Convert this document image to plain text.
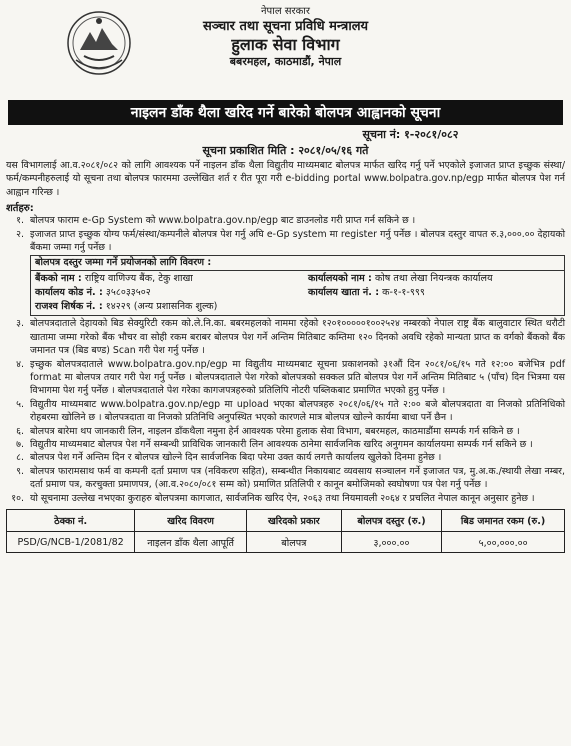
नेपाल सरकार
सञ्चार तथा सूचना प्रविधि मन्त्रालय
हुलाक सेवा विभाग
बबरमहल, काठमाडौं, नेपाल
नाइलन डाँक थैला खरिद गर्ने बारेको बोलपत्र आह्वानको सूचना
सूचना नं: १-२०८१/०८२
सूचना प्रकाशित मिति : २०८१/०५/१६ गते

यस विभागलाई आ.व.२०८१/०८२ को लागि आवश्यक पर्ने नाइलन डाँक थैला विद्युतीय माध्यमबाट बोलपत्र मार्फत खरिद गर्नु पर्ने भएकोले इजाजत प्राप्त इच्छुक संस्था/फर्म/कम्पनीहरुलाई यो सूचना तथा बोलपत्र फारममा उल्लेखित शर्त र रीत पूरा गरी e-bidding portal www.bolpatra.gov.np/egp मार्फत बोलपत्र पेश गर्न आह्वान गरिन्छ ।

शर्तहरु:
१. बोलपत्र फाराम e-Gp System को www.bolpatra.gov.np/egp बाट डाउनलोड गरी प्राप्त गर्न सकिने छ ।
२. इजाजत प्राप्त इच्छुक योग्य फर्म/संस्था/कम्पनीले बोलपत्र पेश गर्नु अघि e-Gp system मा register गर्नु पर्नेछ । बोलपत्र दस्तुर वापत रु.३,०००.०० देहायको बैंकमा जम्मा गर्नु पर्नेछ ।
बोलपत्र दस्तुर जम्मा गर्ने प्रयोजनको लागि विवरण :
बैंकको नाम : राष्ट्रिय वाणिज्य बैंक, टेकु शाखा	कार्यालयको नाम : कोष तथा लेखा नियन्त्रक कार्यालय
कार्यालय कोड नं. : ३५८०३३५०२	कार्यालय खाता नं. : क-१-१-९९९
राजश्व शिर्षक नं. : १४२२९ (अन्य प्रशासनिक शुल्क)
३. बोलपत्रदाताले देहायको बिड सेक्युरिटी रकम को.ले.नि.का. बबरमहलको नाममा रहेको १२०१०००००१००२५२४ नम्बरको नेपाल राष्ट्र बैंक बालुवाटार स्थित धरौटी खातामा जम्मा गरेको बैंक भौचर वा सोही रकम बराबर बोलपत्र पेश गर्ने अन्तिम मितिबाट कम्तिमा १२० दिनको अवधि रहेको मान्यता प्राप्त क वर्गको बैंकको बैंक जमानत पत्र (बिड बण्ड) Scan गरी पेश गर्नु पर्नेछ ।
४. इच्छुक बोलपत्रदाताले www.bolpatra.gov.np/egp मा विद्युतीय माध्यमबाट सूचना प्रकाशनको ३१औं दिन २०८१/०६/१५ गते १२:०० बजेभित्र pdf format मा बोलपत्र तयार गरी पेश गर्नु पर्नेछ । बोलपत्रदाताले पेश गरेको बोलपत्रको सक्कल प्रति बोलपत्र पेश गर्ने अन्तिम मितिबाट ५ (पाँच) दिन भित्रमा यस विभागमा पेश गर्नु पर्नेछ । बोलपत्रदाताले पेश गरेका कागजपत्रहरुको प्रतिलिपि नोटरी पब्लिकबाट प्रमाणित भएको हुनु पर्नेछ ।
५. विद्युतीय माध्यमबाट www.bolpatra.gov.np/egp मा upload भएका बोलपत्रहरु २०८१/०६/१५ गते २:०० बजे बोलपत्रदाता वा निजको प्रतिनिधिको रोहबरमा खोलिने छ । बोलपत्रदाता वा निजको प्रतिनिधि अनुपस्थित भएको कारणले मात्र बोलपत्र खोल्ने कार्यमा बाधा पर्ने छैन ।
६. बोलपत्र बारेमा थप जानकारी लिन, नाइलन डाँकथैला नमुना हेर्न आवश्यक परेमा हुलाक सेवा विभाग, बबरमहल, काठमाडौंमा सम्पर्क गर्न सकिने छ ।
७. विद्युतीय माध्यमबाट बोलपत्र पेश गर्ने सम्बन्धी प्राविधिक जानकारी लिन आवश्यक ठानेमा सार्वजनिक खरिद अनुगमन कार्यालयमा सम्पर्क गर्न सकिने छ ।
८. बोलपत्र पेश गर्ने अन्तिम दिन र बोलपत्र खोल्ने दिन सार्वजनिक बिदा परेमा उक्त कार्य लगत्तै कार्यालय खुलेको दिनमा हुनेछ ।
९. बोलपत्र फारामसाथ फर्म वा कम्पनी दर्ता प्रमाण पत्र (नविकरण सहित), सम्बन्धीत निकायबाट व्यवसाय सञ्चालन गर्ने इजाजत पत्र, मु.अ.क./स्थायी लेखा नम्बर, दर्ता प्रमाण पत्र, करचुक्ता प्रमाणपत्र, (आ.व.२०८०/०८१ सम्म को) प्रमाणित प्रतिलिपी र कानून बमोजिमको स्वघोषणा पत्र पेश गर्नु पर्नेछ ।
१०. यो सूचनामा उल्लेख नभएका कुराहरु बोलपत्रमा कागजात, सार्वजनिक खरिद ऐन, २०६३ तथा नियमावली २०६४ र प्रचलित नेपाल कानून अनुसार हुनेछ ।
ठेक्का नं.	खरिद विवरण	खरिदको प्रकार	बोलपत्र दस्तुर (रु.)	बिड जमानत रकम (रु.)
PSD/G/NCB-1/2081/82	नाइलन डाँक थैला आपूर्ति	बोलपत्र	३,०००.००	५,००,०००.००
